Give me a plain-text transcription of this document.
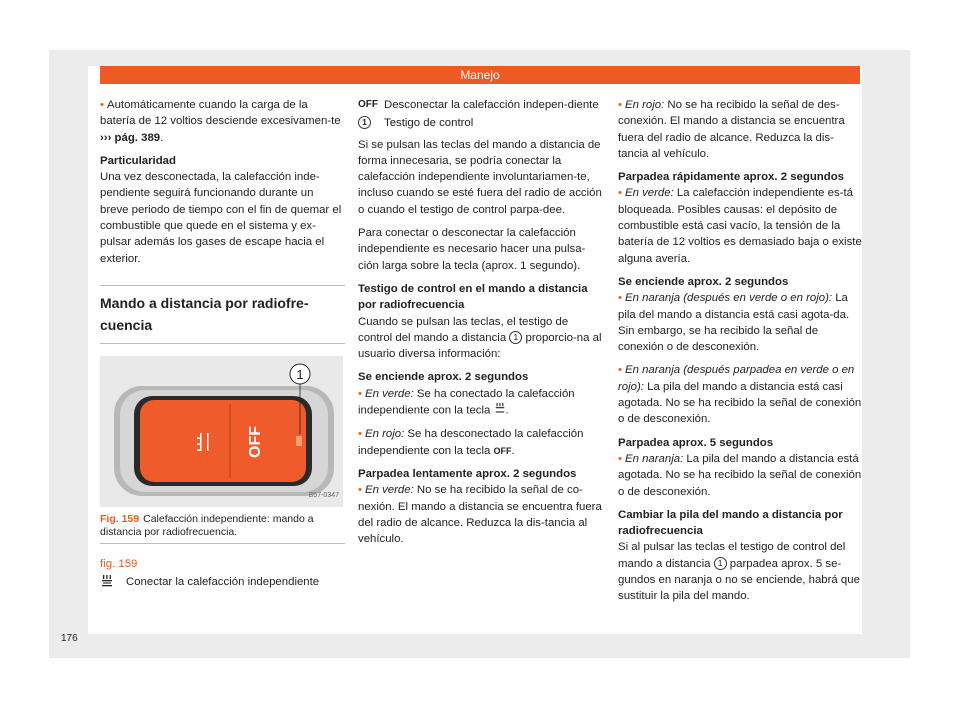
Manejo

• Automáticamente cuando la carga de la batería de 12 voltios desciende excesivamen-te ››› pág. 389.

Particularidad

Una vez desconectada, la calefacción inde-pendiente seguirá funcionando durante un breve periodo de tiempo con el fin de quemar el combustible que quede en el sistema y ex-pulsar además los gases de escape hacia el exterior.

Mando a distancia por radiofre-cuencia
OFF
1
B57-0347

Fig. 159 Calefacción independiente: mando a distancia por radiofrecuencia.

fig. 159

Conectar la calefacción independiente
OFF Desconectar la calefacción indepen-diente
1	Testigo de control

Si se pulsan las teclas del mando a distancia de forma innecesaria, se podría conectar la calefacción independiente involuntariamen-te, incluso cuando se esté fuera del radio de acción o cuando el testigo de control parpa-dee.

Para conectar o desconectar la calefacción independiente es necesario hacer una pulsa-ción larga sobre la tecla (aprox. 1 segundo).

Testigo de control en el mando a distancia por radiofrecuencia

Cuando se pulsan las teclas, el testigo de control del mando a distancia 1 proporcio-na al usuario diversa información:

Se enciende aprox. 2 segundos

• En verde: Se ha conectado la calefacción independiente con la tecla .

• En rojo: Se ha desconectado la calefacción independiente con la tecla OFF.

Parpadea lentamente aprox. 2 segundos

• En verde: No se ha recibido la señal de co-nexión. El mando a distancia se encuentra fuera del radio de alcance. Reduzca la dis-tancia al vehículo.

• En rojo: No se ha recibido la señal de des-conexión. El mando a distancia se encuentra fuera del radio de alcance. Reduzca la dis-tancia al vehículo.

Parpadea rápidamente aprox. 2 segundos

• En verde: La calefacción independiente es-tá bloqueada. Posibles causas: el depósito de combustible está casi vacío, la tensión de la batería de 12 voltios es demasiado baja o existe alguna avería.

Se enciende aprox. 2 segundos

• En naranja (después en verde o en rojo): La pila del mando a distancia está casi agota-da. Sin embargo, se ha recibido la señal de conexión o de desconexión.

• En naranja (después parpadea en verde o en rojo): La pila del mando a distancia está casi agotada. No se ha recibido la señal de conexión o de desconexión.

Parpadea aprox. 5 segundos

• En naranja: La pila del mando a distancia está agotada. No se ha recibido la señal de conexión o de desconexión.

Cambiar la pila del mando a distancia por radiofrecuencia

Si al pulsar las teclas el testigo de control del mando a distancia 1 parpadea aprox. 5 se-gundos en naranja o no se enciende, habrá que sustituir la pila del mando.

176
